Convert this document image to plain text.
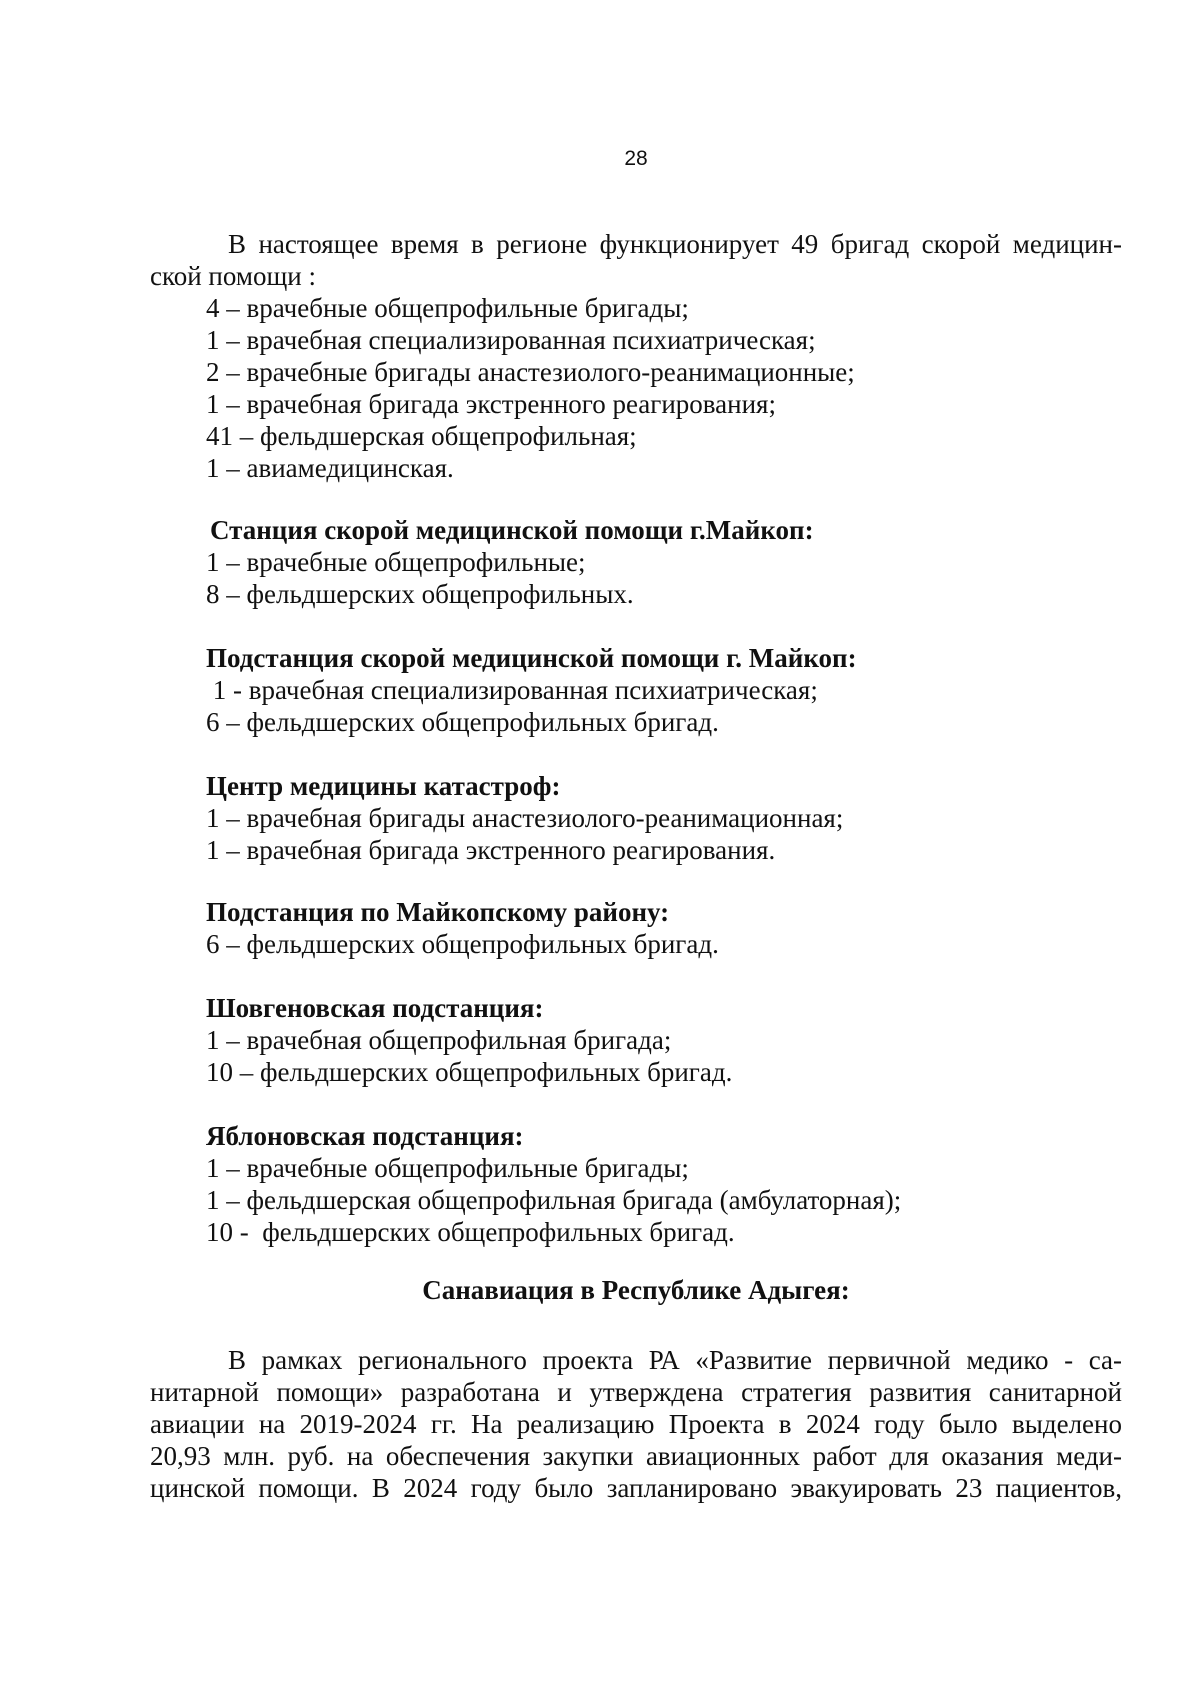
28
В настоящее время в регионе функционирует 49 бригад скорой медицин-
ской помощи :
4 – врачебные общепрофильные бригады;
1 – врачебная специализированная психиатрическая;
2 – врачебные бригады анастезиолого-реанимационные;
1 – врачебная бригада экстренного реагирования;
41 – фельдшерская общепрофильная;
1 – авиамедицинская.
Станция скорой медицинской помощи г.Майкоп:
1 – врачебные общепрофильные;
8 – фельдшерских общепрофильных.
Подстанция скорой медицинской помощи г. Майкоп:
1 - врачебная специализированная психиатрическая;
6 – фельдшерских общепрофильных бригад.
Центр медицины катастроф:
1 – врачебная бригады анастезиолого-реанимационная;
1 – врачебная бригада экстренного реагирования.
Подстанция по Майкопскому району:
6 – фельдшерских общепрофильных бригад.
Шовгеновская подстанция:
1 – врачебная общепрофильная бригада;
10 – фельдшерских общепрофильных бригад.
Яблоновская подстанция:
1 – врачебные общепрофильные бригады;
1 – фельдшерская общепрофильная бригада (амбулаторная);
10 -  фельдшерских общепрофильных бригад.
Санавиация в Республике Адыгея:
В рамках регионального проекта РА «Развитие первичной медико - са-
нитарной помощи» разработана и утверждена стратегия развития санитарной
авиации на 2019-2024 гг. На реализацию Проекта в 2024 году было выделено
20,93 млн. руб. на обеспечения закупки авиационных работ для оказания меди-
цинской помощи. В 2024 году было запланировано эвакуировать 23 пациентов,
